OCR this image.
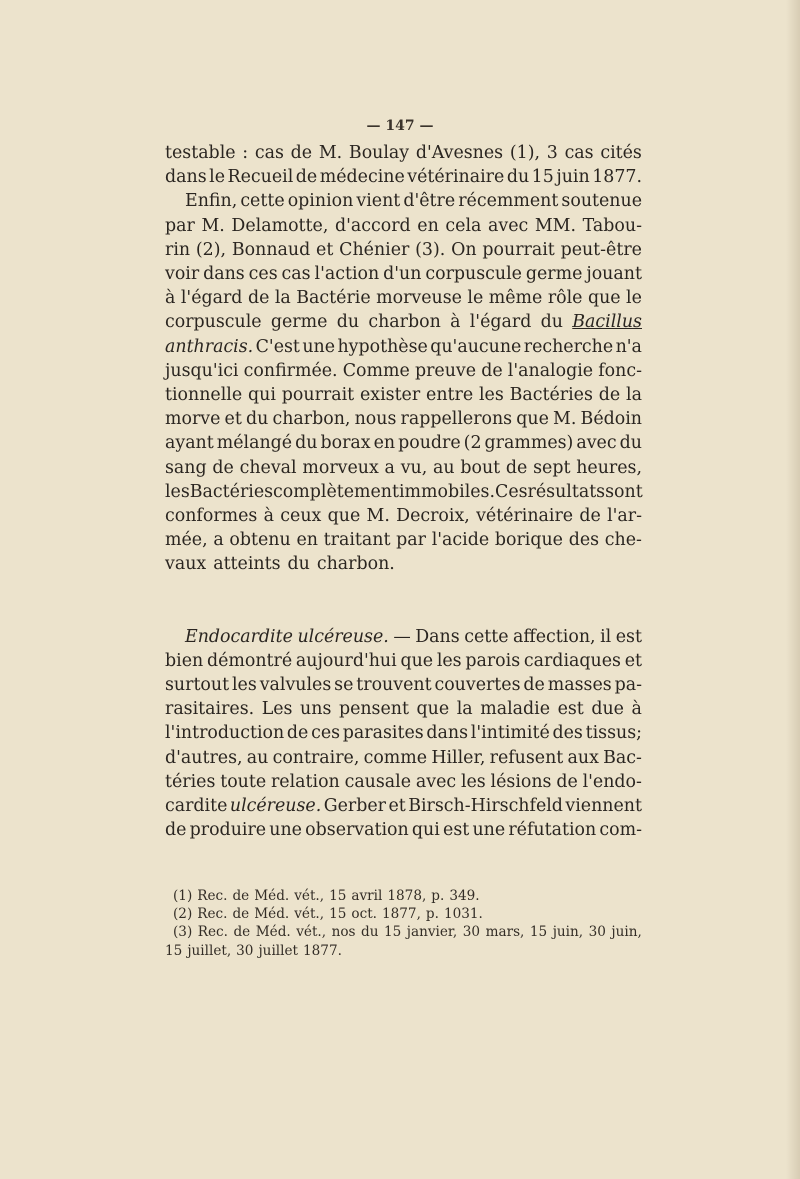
— 147 —
testable : cas de M. Boulay d'Avesnes (1), 3 cas cités
dans le Recueil de médecine vétérinaire du 15 juin 1877.
Enfin, cette opinion vient d'être récemment soutenue
par M. Delamotte, d'accord en cela avec MM. Tabou-
rin (2), Bonnaud et Chénier (3). On pourrait peut-être
voir dans ces cas l'action d'un corpuscule germe jouant
à l'égard de la Bactérie morveuse le même rôle que le
corpuscule germe du charbon à l'égard du Bacillus
anthracis. C'est une hypothèse qu'aucune recherche n'a
jusqu'ici confirmée. Comme preuve de l'analogie fonc-
tionnelle qui pourrait exister entre les Bactéries de la
morve et du charbon, nous rappellerons que M. Bédoin
ayant mélangé du borax en poudre (2 grammes) avec du
sang de cheval morveux a vu, au bout de sept heures,
les Bactéries complètement immobiles. Ces résultats sont
conformes à ceux que M. Decroix, vétérinaire de l'ar-
mée, a obtenu en traitant par l'acide borique des che-
vaux atteints du charbon.
Endocardite ulcéreuse. — Dans cette affection, il est
bien démontré aujourd'hui que les parois cardiaques et
surtout les valvules se trouvent couvertes de masses pa-
rasitaires. Les uns pensent que la maladie est due à
l'introduction de ces parasites dans l'intimité des tissus;
d'autres, au contraire, comme Hiller, refusent aux Bac-
téries toute relation causale avec les lésions de l'endo-
cardite ulcéreuse. Gerber et Birsch-Hirschfeld viennent
de produire une observation qui est une réfutation com-
(1) Rec. de Méd. vét., 15 avril 1878, p. 349.
(2) Rec. de Méd. vét., 15 oct. 1877, p. 1031.
(3) Rec. de Méd. vét., nos du 15 janvier, 30 mars, 15 juin, 30 juin,
15 juillet, 30 juillet 1877.
